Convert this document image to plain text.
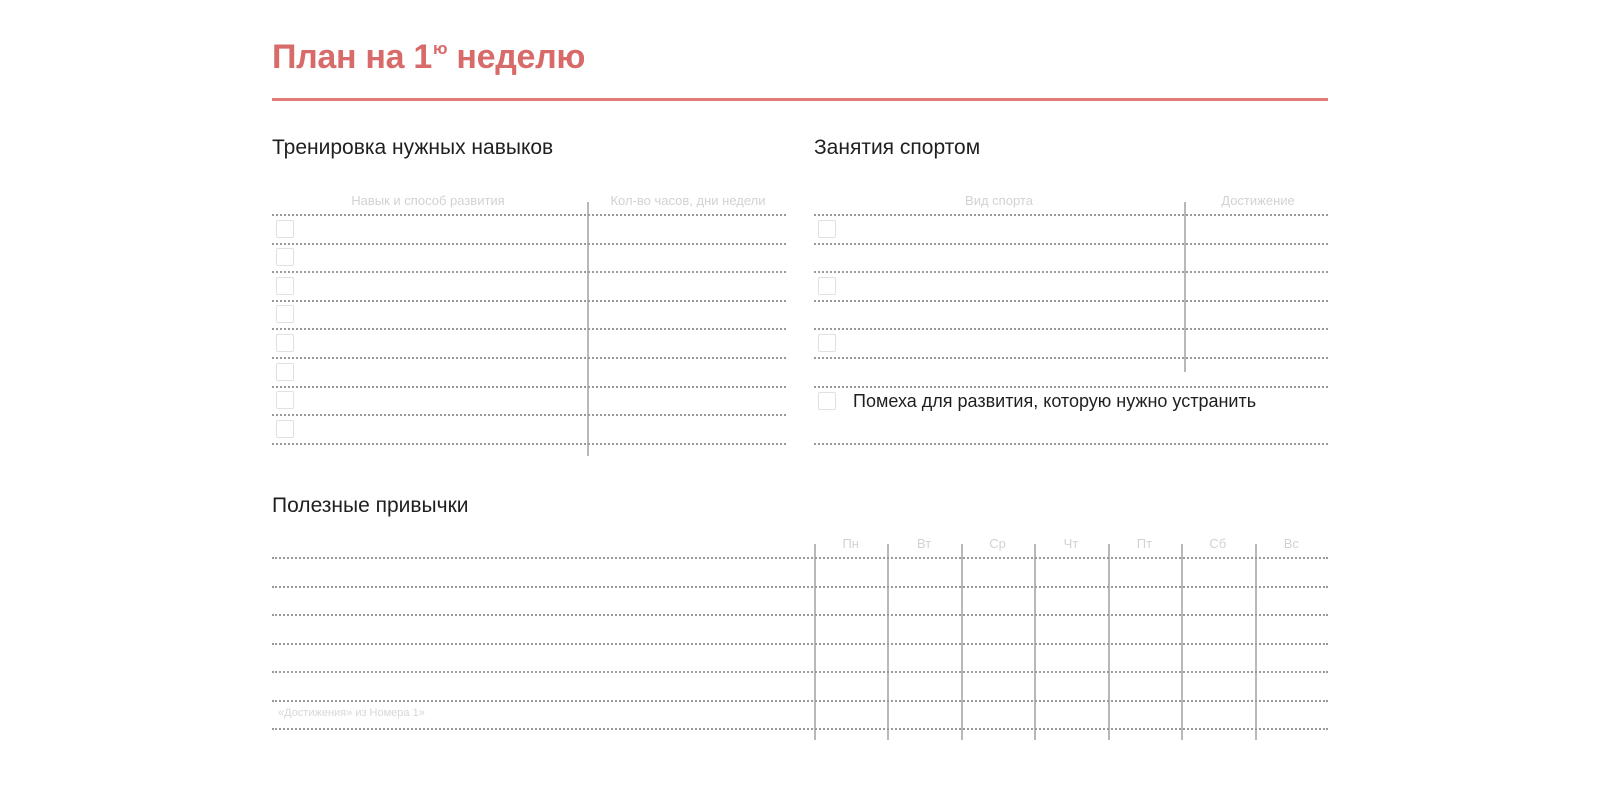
План на $1^ю$ неделю
Тренировка нужных навыков
Навык и способ развития	Кол-во часов, дни недели
Занятия спортом
Вид спорта	Достижение
Помеха для развития, которую нужно устранить
Полезные привычки
Пн	Вт	Ср	Чт	Пт	Сб	Вс
«Достижения» из Номера 1»
